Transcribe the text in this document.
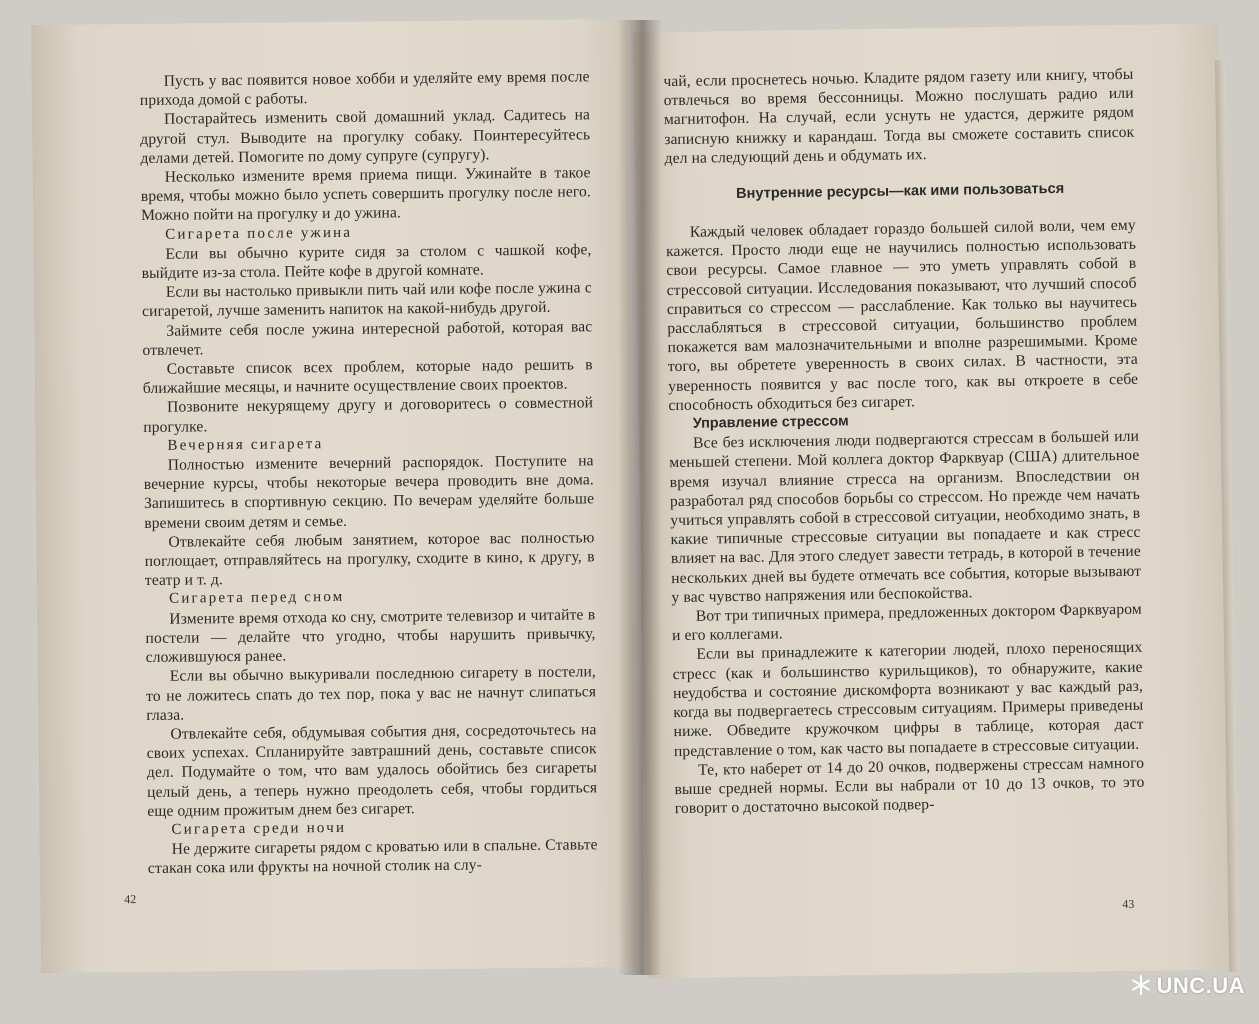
Пусть у вас появится новое хобби и уделяйте ему время после прихода домой с работы.

Постарайтесь изменить свой домашний уклад. Садитесь на другой стул. Выводите на прогулку собаку. Поинтересуйтесь делами детей. Помогите по дому супруге (супругу).

Несколько измените время приема пищи. Ужинайте в такое время, чтобы можно было успеть совершить прогулку после него. Можно пойти на прогулку и до ужина.

Сигарета после ужина

Если вы обычно курите сидя за столом с чашкой кофе, выйдите из-за стола. Пейте кофе в другой комнате.

Если вы настолько привыкли пить чай или кофе после ужина с сигаретой, лучше заменить напиток на какой-нибудь другой.

Займите себя после ужина интересной работой, которая вас отвлечет.

Составьте список всех проблем, которые надо решить в ближайшие месяцы, и начните осуществление своих проектов.

Позвоните некурящему другу и договоритесь о совместной прогулке.

Вечерняя сигарета

Полностью измените вечерний распорядок. Поступите на вечерние курсы, чтобы некоторые вечера проводить вне дома. Запишитесь в спортивную секцию. По вечерам уделяйте больше времени своим детям и семье.

Отвлекайте себя любым занятием, которое вас полностью поглощает, отправляйтесь на прогулку, сходите в кино, к другу, в театр и т. д.

Сигарета перед сном

Измените время отхода ко сну, смотрите телевизор и читайте в постели — делайте что угодно, чтобы нарушить привычку, сложившуюся ранее.

Если вы обычно выкуривали последнюю сигарету в постели, то не ложитесь спать до тех пор, пока у вас не начнут слипаться глаза.

Отвлекайте себя, обдумывая события дня, сосредоточьтесь на своих успехах. Спланируйте завтрашний день, составьте список дел. Подумайте о том, что вам удалось обойтись без сигареты целый день, а теперь нужно преодолеть себя, чтобы гордиться еще одним прожитым днем без сигарет.

Сигарета среди ночи

Не держите сигареты рядом с кроватью или в спальне. Ставьте стакан сока или фрукты на ночной столик на слу-

42

чай, если проснетесь ночью. Кладите рядом газету или книгу, чтобы отвлечься во время бессонницы. Можно послушать радио или магнитофон. На случай, если уснуть не удастся, держите рядом записную книжку и карандаш. Тогда вы сможете составить список дел на следующий день и обдумать их.

Внутренние ресурсы—как ими пользоваться

Каждый человек обладает гораздо большей силой воли, чем ему кажется. Просто люди еще не научились полностью использовать свои ресурсы. Самое главное — это уметь управлять собой в стрессовой ситуации. Исследования показывают, что лучший способ справиться со стрессом — расслабление. Как только вы научитесь расслабляться в стрессовой ситуации, большинство проблем покажется вам малозначительными и вполне разрешимыми. Кроме того, вы обретете уверенность в своих силах. В частности, эта уверенность появится у вас после того, как вы откроете в себе способность обходиться без сигарет.

Управление стрессом

Все без исключения люди подвергаются стрессам в большей или меньшей степени. Мой коллега доктор Фарквуар (США) длительное время изучал влияние стресса на организм. Впоследствии он разработал ряд способов борьбы со стрессом. Но прежде чем начать учиться управлять собой в стрессовой ситуации, необходимо знать, в какие типичные стрессовые ситуации вы попадаете и как стресс влияет на вас. Для этого следует завести тетрадь, в которой в течение нескольких дней вы будете отмечать все события, которые вызывают у вас чувство напряжения или беспокойства.

Вот три типичных примера, предложенных доктором Фарквуаром и его коллегами.

Если вы принадлежите к категории людей, плохо переносящих стресс (как и большинство курильщиков), то обнаружите, какие неудобства и состояние дискомфорта возникают у вас каждый раз, когда вы подвергаетесь стрессовым ситуациям. Примеры приведены ниже. Обведите кружочком цифры в таблице, которая даст представление о том, как часто вы попадаете в стрессовые ситуации.

Те, кто наберет от 14 до 20 очков, подвержены стрессам намного выше средней нормы. Если вы набрали от 10 до 13 очков, то это говорит о достаточно высокой подвер-

43
UNC.UA
